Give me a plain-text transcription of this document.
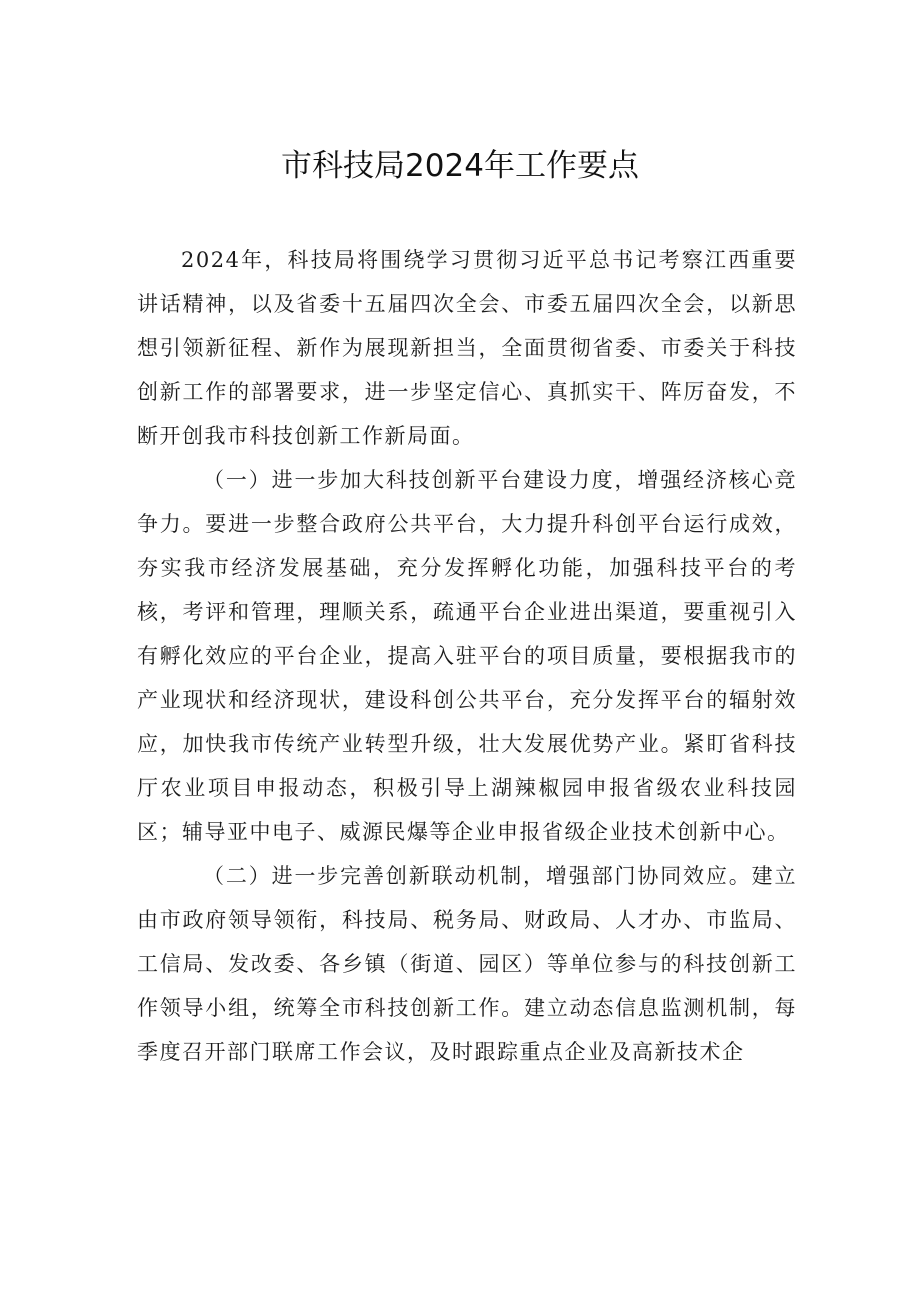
市科技局2024年工作要点

2024年，科技局将围绕学习贯彻习近平总书记考察江西重要讲话精神，以及省委十五届四次全会、市委五届四次全会，以新思想引领新征程、新作为展现新担当，全面贯彻省委、市委关于科技创新工作的部署要求，进一步坚定信心、真抓实干、阵厉奋发，不断开创我市科技创新工作新局面。

（一）进一步加大科技创新平台建设力度，增强经济核心竞争力。要进一步整合政府公共平台，大力提升科创平台运行成效，夯实我市经济发展基础，充分发挥孵化功能，加强科技平台的考核，考评和管理，理顺关系，疏通平台企业进出渠道，要重视引入有孵化效应的平台企业，提高入驻平台的项目质量，要根据我市的产业现状和经济现状，建设科创公共平台，充分发挥平台的辐射效应，加快我市传统产业转型升级，壮大发展优势产业。紧盯省科技厅农业项目申报动态，积极引导上湖辣椒园申报省级农业科技园区；辅导亚中电子、威源民爆等企业申报省级企业技术创新中心。

（二）进一步完善创新联动机制，增强部门协同效应。建立由市政府领导领衔，科技局、税务局、财政局、人才办、市监局、工信局、发改委、各乡镇（街道、园区）等单位参与的科技创新工作领导小组，统筹全市科技创新工作。建立动态信息监测机制，每季度召开部门联席工作会议，及时跟踪重点企业及高新技术企
